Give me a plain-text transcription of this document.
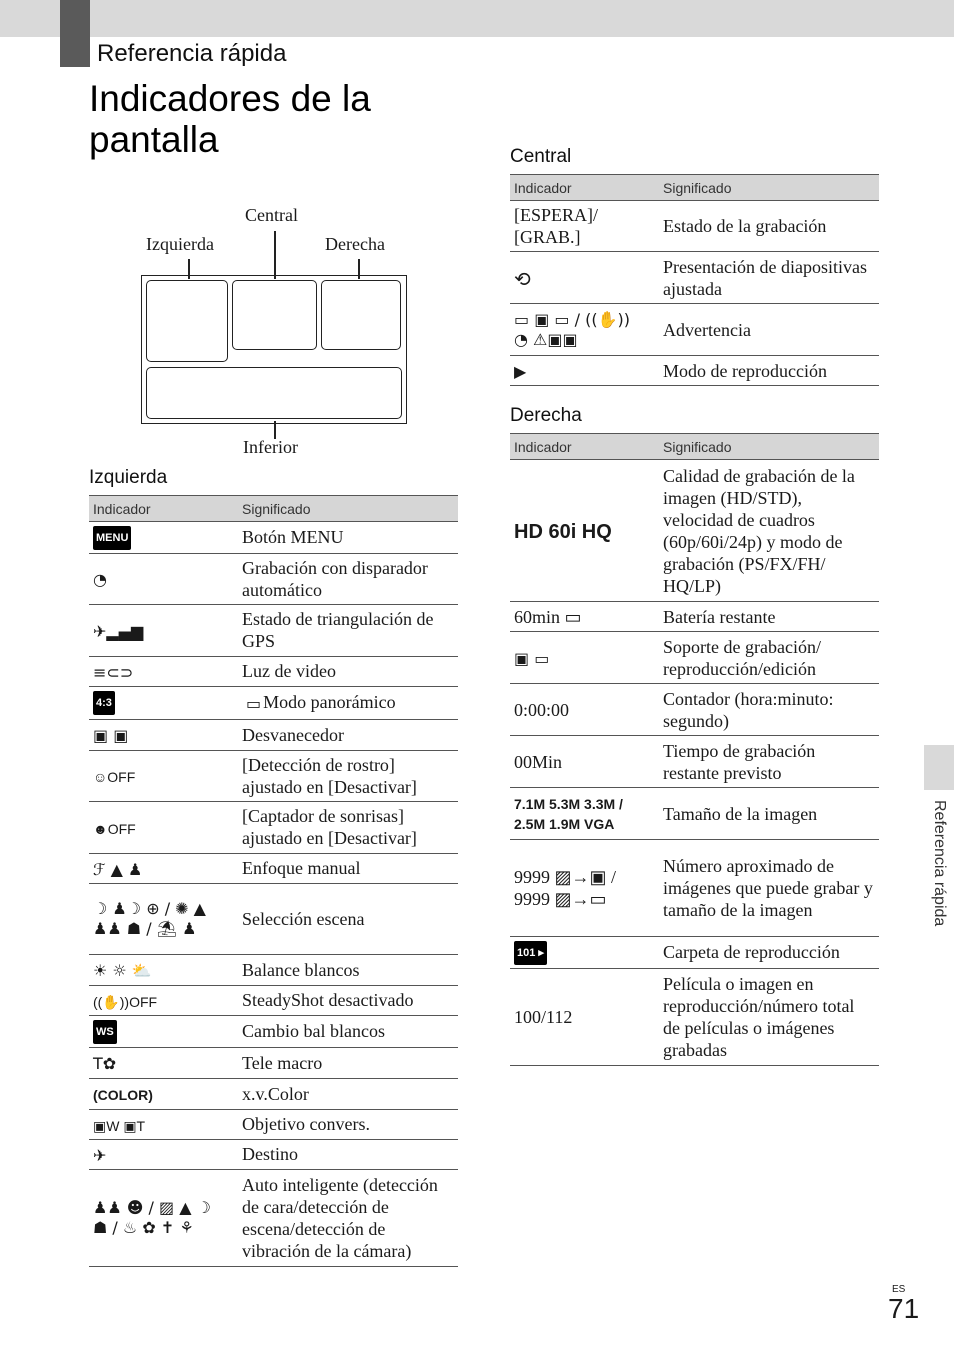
Referencia rápida
Indicadores de la pantalla
Central
Izquierda	Derecha
Inferior
Izquierda
Indicador	Significado
MENU	Botón MENU
◔	Grabación con disparador automático
✈▂▄▆	Estado de triangulación de GPS
≡⊂⊃	Luz de video
4:3	▭ Modo panorámico
▣ ▣	Desvanecedor
☺OFF	[Detección de rostro] ajustado en [Desactivar]
☻OFF	[Captador de sonrisas] ajustado en [Desactivar]
ℱ ▲ ♟	Enfoque manual
☽ ♟☽ ⊕ / ✺ ▲ ♟♟ ☗ / ⛱ ♟	Selección escena
☀ ☼ ⛅	Balance blancos
((✋))OFF	SteadyShot desactivado
WS	Cambio bal blancos
T✿	Tele macro
(COLOR)	x.v.Color
▣W ▣T	Objetivo convers.
✈	Destino
♟♟ ☻ / ▨ ▲ ☽ ☗ / ♨ ✿ ✝ ⚘	Auto inteligente (detección de cara/detección de escena/detección de vibración de la cámara)
Central
Indicador	Significado
[ESPERA]/ [GRAB.]	Estado de la grabación
⟲	Presentación de diapositivas ajustada
▭ ▣ ▭ / ((✋)) ◔ ⚠▣▣	Advertencia
▶	Modo de reproducción
Derecha
Indicador	Significado
HD 60i HQ	Calidad de grabación de la imagen (HD/STD), velocidad de cuadros (60p/60i/24p) y modo de grabación (PS/FX/FH/ HQ/LP)
60min ▭	Batería restante
▣ ▭	Soporte de grabación/ reproducción/edición
0:00:00	Contador (hora:minuto: segundo)
00Min	Tiempo de grabación restante previsto
7.1M 5.3M 3.3M / 2.5M 1.9M VGA	Tamaño de la imagen
9999 ▨→▣ / 9999 ▨→▭	Número aproximado de imágenes que puede grabar y tamaño de la imagen
101 ▸	Carpeta de reproducción
100/112	Película o imagen en reproducción/número total de películas o imágenes grabadas
Referencia rápida
ES
71
